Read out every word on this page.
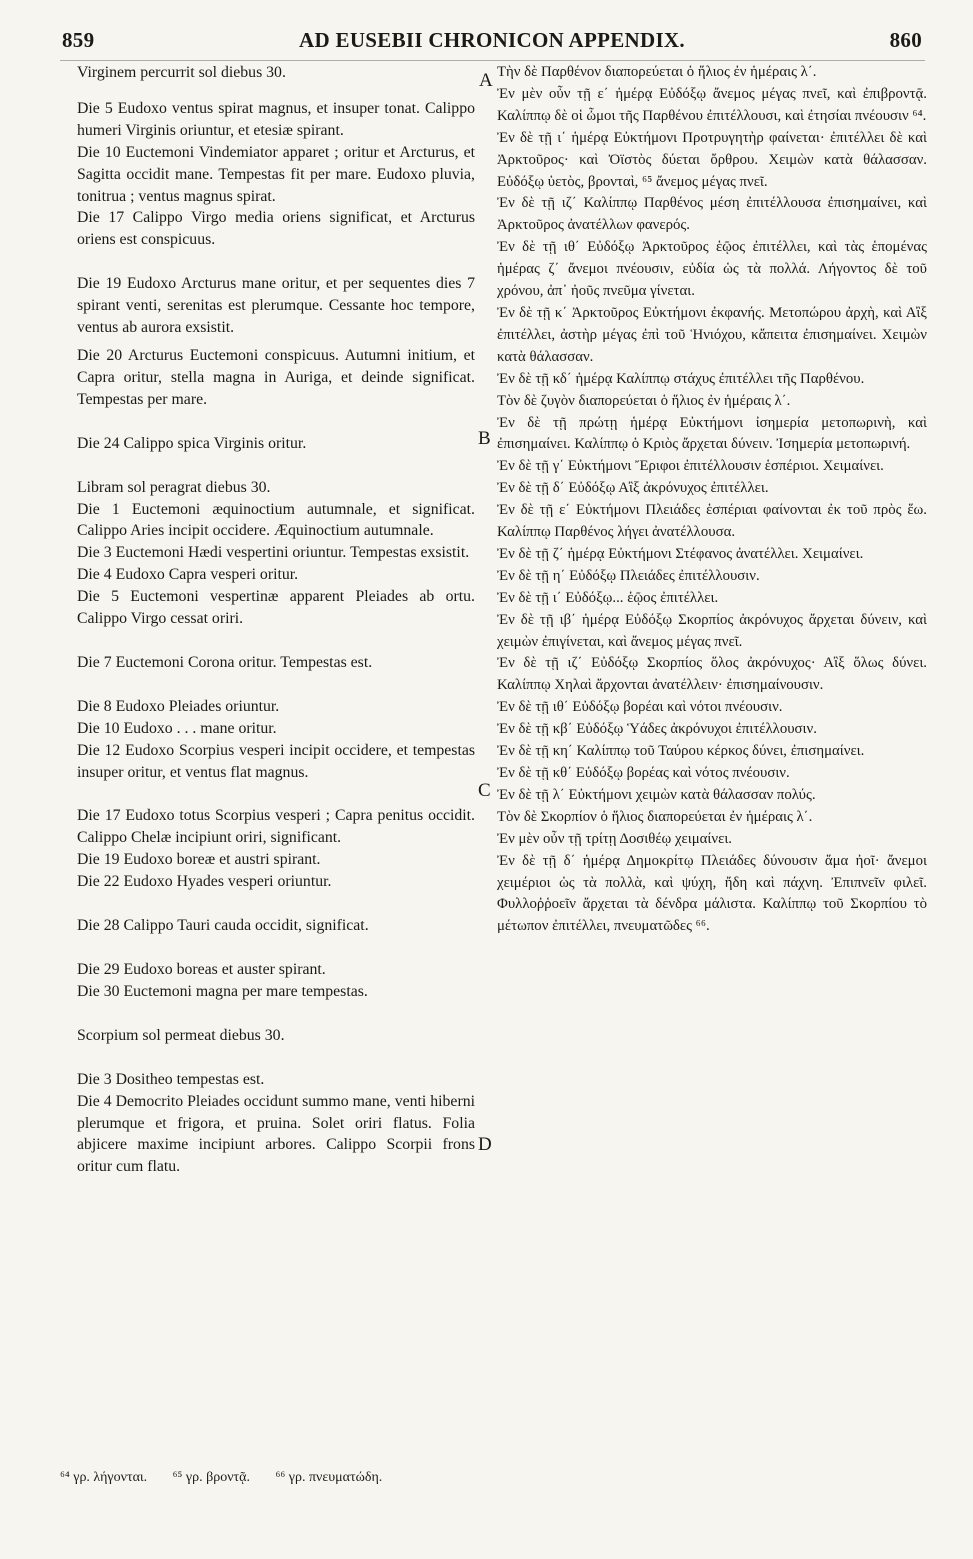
859	AD EUSEBII CHRONICON APPENDIX.	860
A
B
C
D

Virginem percurrit sol diebus 30.

Die 5 Eudoxo ventus spirat magnus, et insuper tonat. Calippo humeri Virginis oriuntur, et etesiæ spirant.

Die 10 Euctemoni Vindemiator apparet ; oritur et Arcturus, et Sagitta occidit mane. Tempestas fit per mare. Eudoxo pluvia, tonitrua ; ventus magnus spirat.

Die 17 Calippo Virgo media oriens significat, et Arcturus oriens est conspicuus.

Die 19 Eudoxo Arcturus mane oritur, et per sequentes dies 7 spirant venti, serenitas est plerumque. Cessante hoc tempore, ventus ab aurora exsistit.

Die 20 Arcturus Euctemoni conspicuus. Autumni initium, et Capra oritur, stella magna in Auriga, et deinde significat. Tempestas per mare.

Die 24 Calippo spica Virginis oritur.

Libram sol peragrat diebus 30.

Die 1 Euctemoni æquinoctium autumnale, et significat. Calippo Aries incipit occidere. Æquinoctium autumnale.

Die 3 Euctemoni Hædi vespertini oriuntur. Tempestas exsistit.

Die 4 Eudoxo Capra vesperi oritur.

Die 5 Euctemoni vespertinæ apparent Pleiades ab ortu. Calippo Virgo cessat oriri.

Die 7 Euctemoni Corona oritur. Tempestas est.

Die 8 Eudoxo Pleiades oriuntur.

Die 10 Eudoxo . . . mane oritur.

Die 12 Eudoxo Scorpius vesperi incipit occidere, et tempestas insuper oritur, et ventus flat magnus.

Die 17 Eudoxo totus Scorpius vesperi ; Capra penitus occidit. Calippo Chelæ incipiunt oriri, significant.

Die 19 Eudoxo boreæ et austri spirant.

Die 22 Eudoxo Hyades vesperi oriuntur.

Die 28 Calippo Tauri cauda occidit, significat.

Die 29 Eudoxo boreas et auster spirant.

Die 30 Euctemoni magna per mare tempestas.

Scorpium sol permeat diebus 30.

Die 3 Dositheo tempestas est.

Die 4 Democrito Pleiades occidunt summo mane, venti hiberni plerumque et frigora, et pruina. Solet oriri flatus. Folia abjicere maxime incipiunt arbores. Calippo Scorpii frons oritur cum flatu.

Τὴν δὲ Παρθένον διαπορεύεται ὁ ἥλιος ἐν ἡμέραις λ΄.

Ἐν μὲν οὖν τῇ ε΄ ἡμέρᾳ Εὐδόξῳ ἄνεμος μέγας πνεῖ, καὶ ἐπιβροντᾷ. Καλίππῳ δὲ οἱ ὦμοι τῆς Παρθένου ἐπιτέλλουσι, καὶ ἐτησίαι πνέουσιν ⁶⁴.

Ἐν δὲ τῇ ι΄ ἡμέρᾳ Εὐκτήμονι Προτρυγητὴρ φαίνεται· ἐπιτέλλει δὲ καὶ Ἀρκτοῦρος· καὶ Ὀϊστὸς δύεται ὄρθρου. Χειμὼν κατὰ θάλασσαν. Εὐδόξῳ ὑετὸς, βρονταὶ, ⁶⁵ ἄνεμος μέγας πνεῖ.

Ἐν δὲ τῇ ιζ΄ Καλίππῳ Παρθένος μέση ἐπιτέλλουσα ἐπισημαίνει, καὶ Ἀρκτοῦρος ἀνατέλλων φανερός.

Ἐν δὲ τῇ ιθ΄ Εὐδόξῳ Ἀρκτοῦρος ἑῷος ἐπιτέλλει, καὶ τὰς ἑπομένας ἡμέρας ζ΄ ἄνεμοι πνέουσιν, εὐδία ὡς τὰ πολλά. Λήγοντος δὲ τοῦ χρόνου, ἀπ᾽ ἠοῦς πνεῦμα γίνεται.

Ἐν δὲ τῇ κ΄ Ἀρκτοῦρος Εὐκτήμονι ἐκφανής. Μετοπώρου ἀρχὴ, καὶ Αἲξ ἐπιτέλλει, ἀστὴρ μέγας ἐπὶ τοῦ Ἡνιόχου, κἄπειτα ἐπισημαίνει. Χειμὼν κατὰ θάλασσαν.

Ἐν δὲ τῇ κδ΄ ἡμέρᾳ Καλίππῳ στάχυς ἐπιτέλλει τῆς Παρθένου.

Τὸν δὲ ζυγὸν διαπορεύεται ὁ ἥλιος ἐν ἡμέραις λ΄.

Ἐν δὲ τῇ πρώτῃ ἡμέρᾳ Εὐκτήμονι ἰσημερία μετοπωρινὴ, καὶ ἐπισημαίνει. Καλίππῳ ὁ Κριὸς ἄρχεται δύνειν. Ἰσημερία μετοπωρινή.

Ἐν δὲ τῇ γ΄ Εὐκτήμονι Ἔριφοι ἐπιτέλλουσιν ἑσπέριοι. Χειμαίνει.

Ἐν δὲ τῇ δ΄ Εὐδόξῳ Αἲξ ἀκρόνυχος ἐπιτέλλει.

Ἐν δὲ τῇ ε΄ Εὐκτήμονι Πλειάδες ἑσπέριαι φαίνονται ἐκ τοῦ πρὸς ἕω. Καλίππῳ Παρθένος λήγει ἀνατέλλουσα.

Ἐν δὲ τῇ ζ΄ ἡμέρᾳ Εὐκτήμονι Στέφανος ἀνατέλλει. Χειμαίνει.

Ἐν δὲ τῇ η΄ Εὐδόξῳ Πλειάδες ἐπιτέλλουσιν.

Ἐν δὲ τῇ ι΄ Εὐδόξῳ... ἑῷος ἐπιτέλλει.

Ἐν δὲ τῇ ιβ΄ ἡμέρᾳ Εὐδόξῳ Σκορπίος ἀκρόνυχος ἄρχεται δύνειν, καὶ χειμὼν ἐπιγίνεται, καὶ ἄνεμος μέγας πνεῖ.

Ἐν δὲ τῇ ιζ΄ Εὐδόξῳ Σκορπίος ὅλος ἀκρόνυχος· Αἲξ ὅλως δύνει. Καλίππῳ Χηλαὶ ἄρχονται ἀνατέλλειν· ἐπισημαίνουσιν.

Ἐν δὲ τῇ ιθ΄ Εὐδόξῳ βορέαι καὶ νότοι πνέουσιν.

Ἐν δὲ τῇ κβ΄ Εὐδόξῳ Ὑάδες ἀκρόνυχοι ἐπιτέλλουσιν.

Ἐν δὲ τῇ κη΄ Καλίππῳ τοῦ Ταύρου κέρκος δύνει, ἐπισημαίνει.

Ἐν δὲ τῇ κθ΄ Εὐδόξῳ βορέας καὶ νότος πνέουσιν.

Ἐν δὲ τῇ λ΄ Εὐκτήμονι χειμὼν κατὰ θάλασσαν πολύς.

Τὸν δὲ Σκορπίον ὁ ἥλιος διαπορεύεται ἐν ἡμέραις λ΄.

Ἐν μὲν οὖν τῇ τρίτῃ Δοσιθέῳ χειμαίνει.

Ἐν δὲ τῇ δ΄ ἡμέρᾳ Δημοκρίτῳ Πλειάδες δύνουσιν ἅμα ἠοῖ· ἄνεμοι χειμέριοι ὡς τὰ πολλὰ, καὶ ψύχη, ἤδη καὶ πάχνη. Ἐπιπνεῖν φιλεῖ. Φυλλοῤῥοεῖν ἄρχεται τὰ δένδρα μάλιστα. Καλίππῳ τοῦ Σκορπίου τὸ μέτωπον ἐπιτέλλει, πνευματῶδες ⁶⁶.

⁶⁴ γρ. λήγονται. ⁶⁵ γρ. βροντᾷ. ⁶⁶ γρ. πνευματώδη.
